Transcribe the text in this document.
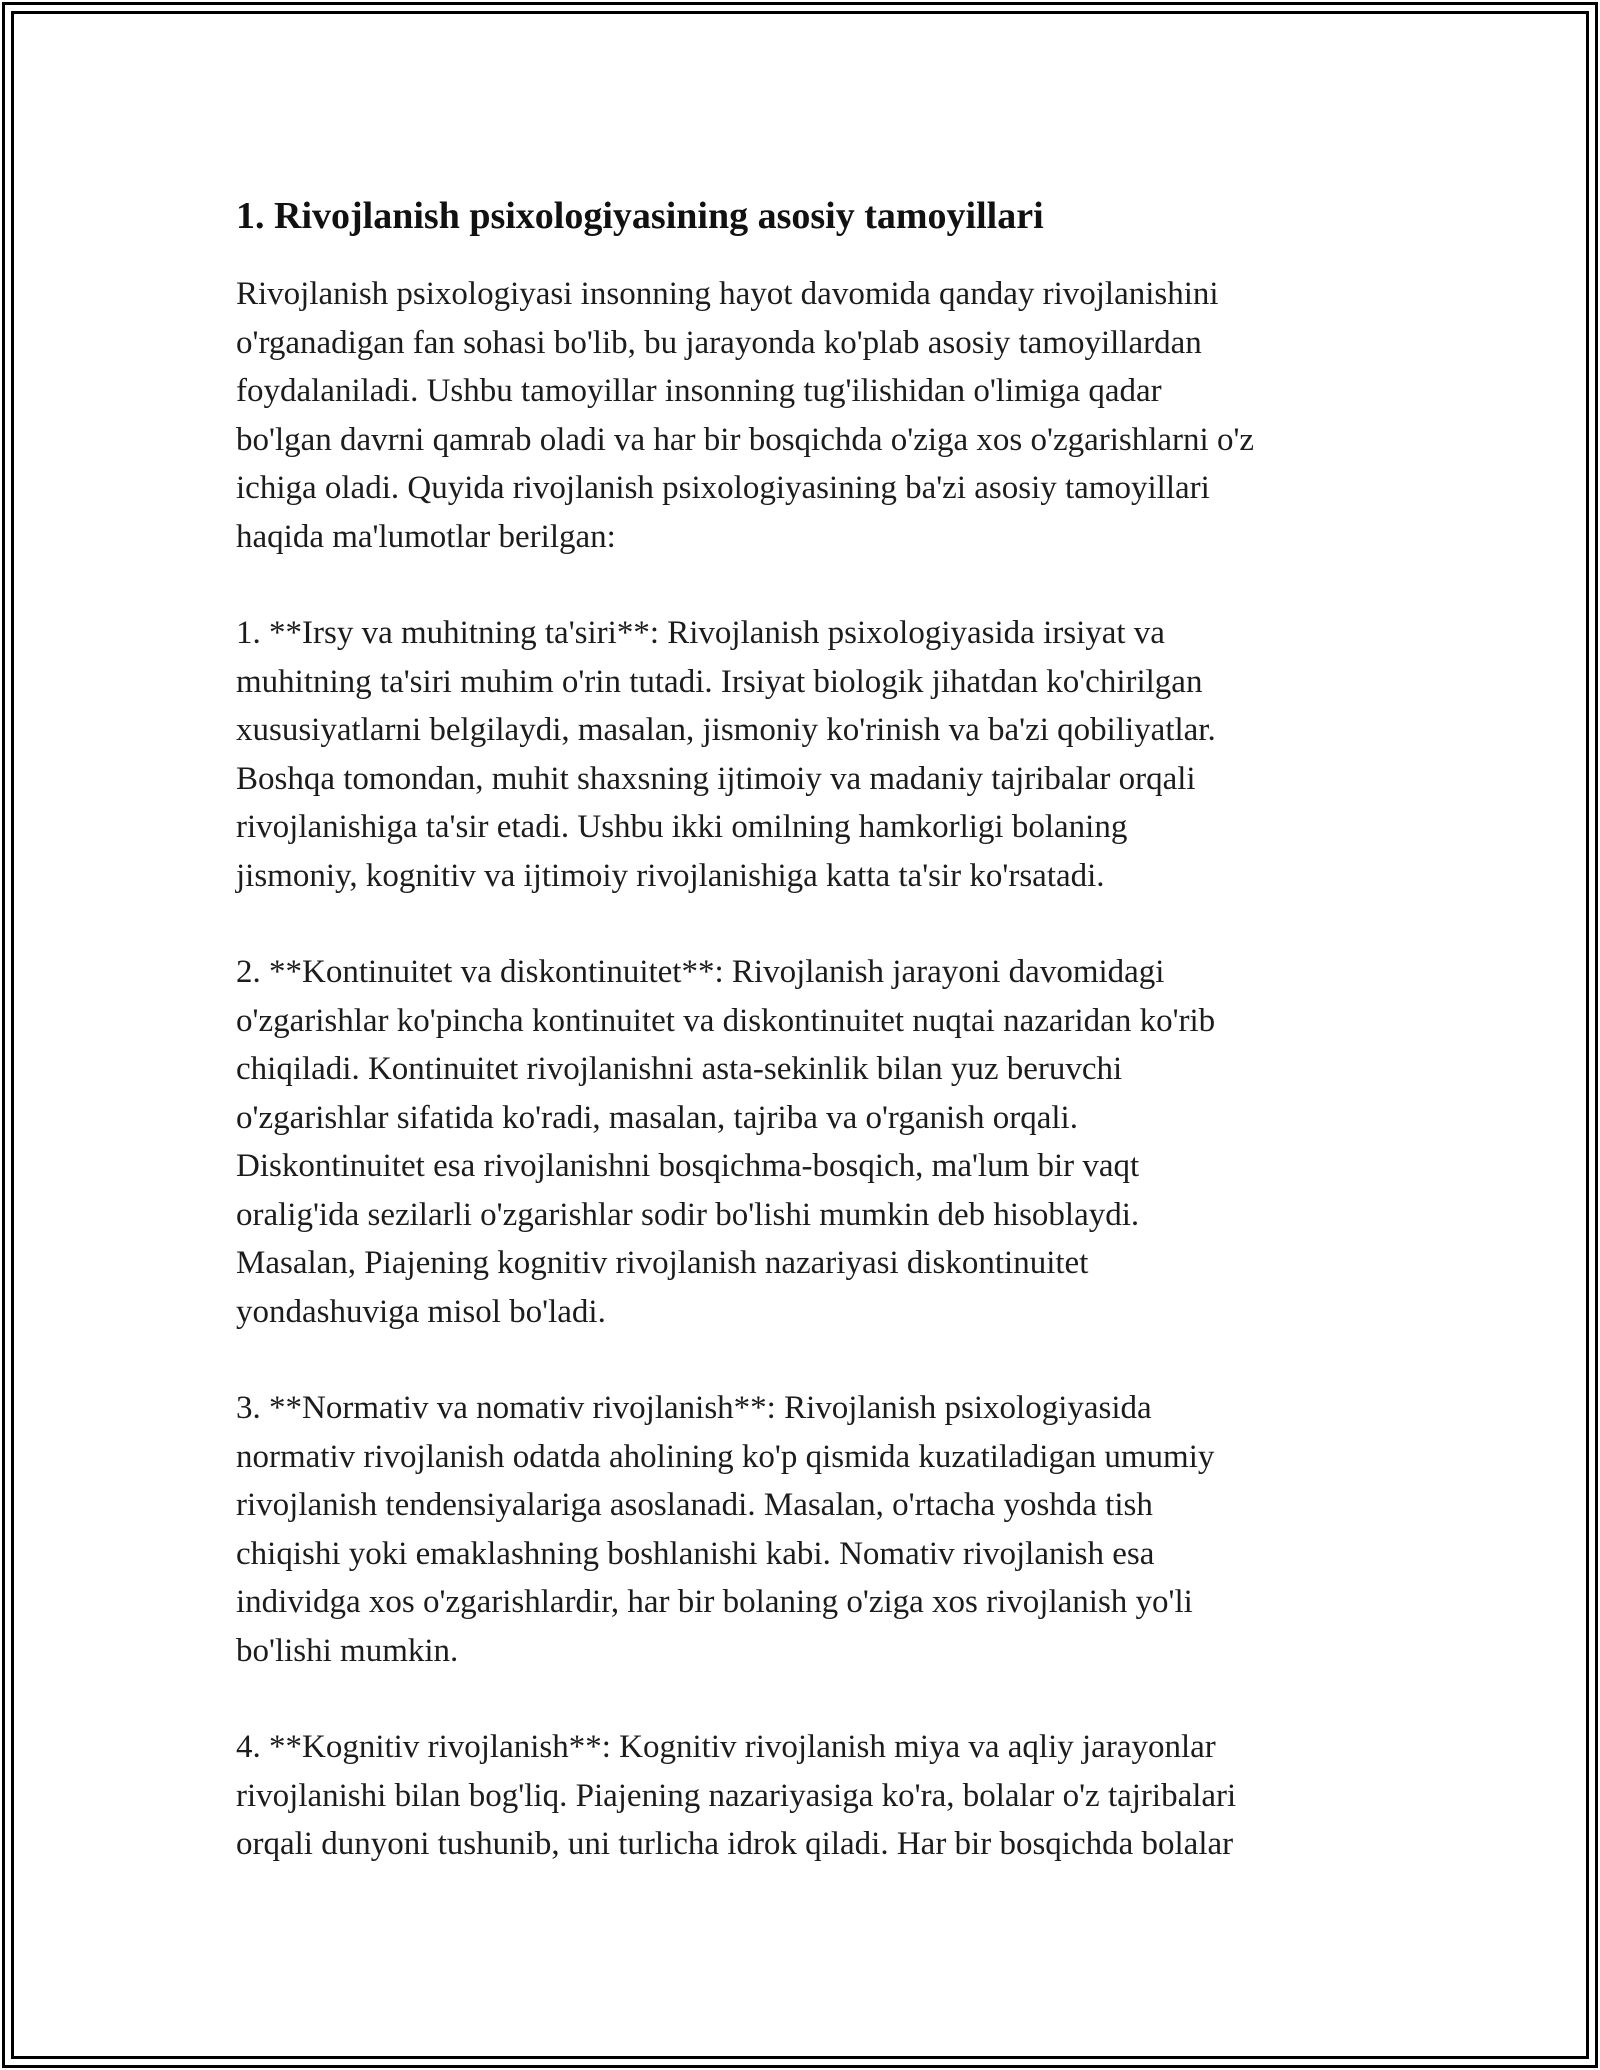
1. Rivojlanish psixologiyasining asosiy tamoyillari

Rivojlanish psixologiyasi insonning hayot davomida qanday rivojlanishini
o'rganadigan fan sohasi bo'lib, bu jarayonda ko'plab asosiy tamoyillardan
foydalaniladi. Ushbu tamoyillar insonning tug'ilishidan o'limiga qadar
bo'lgan davrni qamrab oladi va har bir bosqichda o'ziga xos o'zgarishlarni o'z
ichiga oladi. Quyida rivojlanish psixologiyasining ba'zi asosiy tamoyillari
haqida ma'lumotlar berilgan:

1. **Irsy va muhitning ta'siri**: Rivojlanish psixologiyasida irsiyat va
muhitning ta'siri muhim o'rin tutadi. Irsiyat biologik jihatdan ko'chirilgan
xususiyatlarni belgilaydi, masalan, jismoniy ko'rinish va ba'zi qobiliyatlar.
Boshqa tomondan, muhit shaxsning ijtimoiy va madaniy tajribalar orqali
rivojlanishiga ta'sir etadi. Ushbu ikki omilning hamkorligi bolaning
jismoniy, kognitiv va ijtimoiy rivojlanishiga katta ta'sir ko'rsatadi.

2. **Kontinuitet va diskontinuitet**: Rivojlanish jarayoni davomidagi
o'zgarishlar ko'pincha kontinuitet va diskontinuitet nuqtai nazaridan ko'rib
chiqiladi. Kontinuitet rivojlanishni asta-sekinlik bilan yuz beruvchi
o'zgarishlar sifatida ko'radi, masalan, tajriba va o'rganish orqali.
Diskontinuitet esa rivojlanishni bosqichma-bosqich, ma'lum bir vaqt
oralig'ida sezilarli o'zgarishlar sodir bo'lishi mumkin deb hisoblaydi.
Masalan, Piajening kognitiv rivojlanish nazariyasi diskontinuitet
yondashuviga misol bo'ladi.

3. **Normativ va nomativ rivojlanish**: Rivojlanish psixologiyasida
normativ rivojlanish odatda aholining ko'p qismida kuzatiladigan umumiy
rivojlanish tendensiyalariga asoslanadi. Masalan, o'rtacha yoshda tish
chiqishi yoki emaklashning boshlanishi kabi. Nomativ rivojlanish esa
individga xos o'zgarishlardir, har bir bolaning o'ziga xos rivojlanish yo'li
bo'lishi mumkin.

4. **Kognitiv rivojlanish**: Kognitiv rivojlanish miya va aqliy jarayonlar
rivojlanishi bilan bog'liq. Piajening nazariyasiga ko'ra, bolalar o'z tajribalari
orqali dunyoni tushunib, uni turlicha idrok qiladi. Har bir bosqichda bolalar
